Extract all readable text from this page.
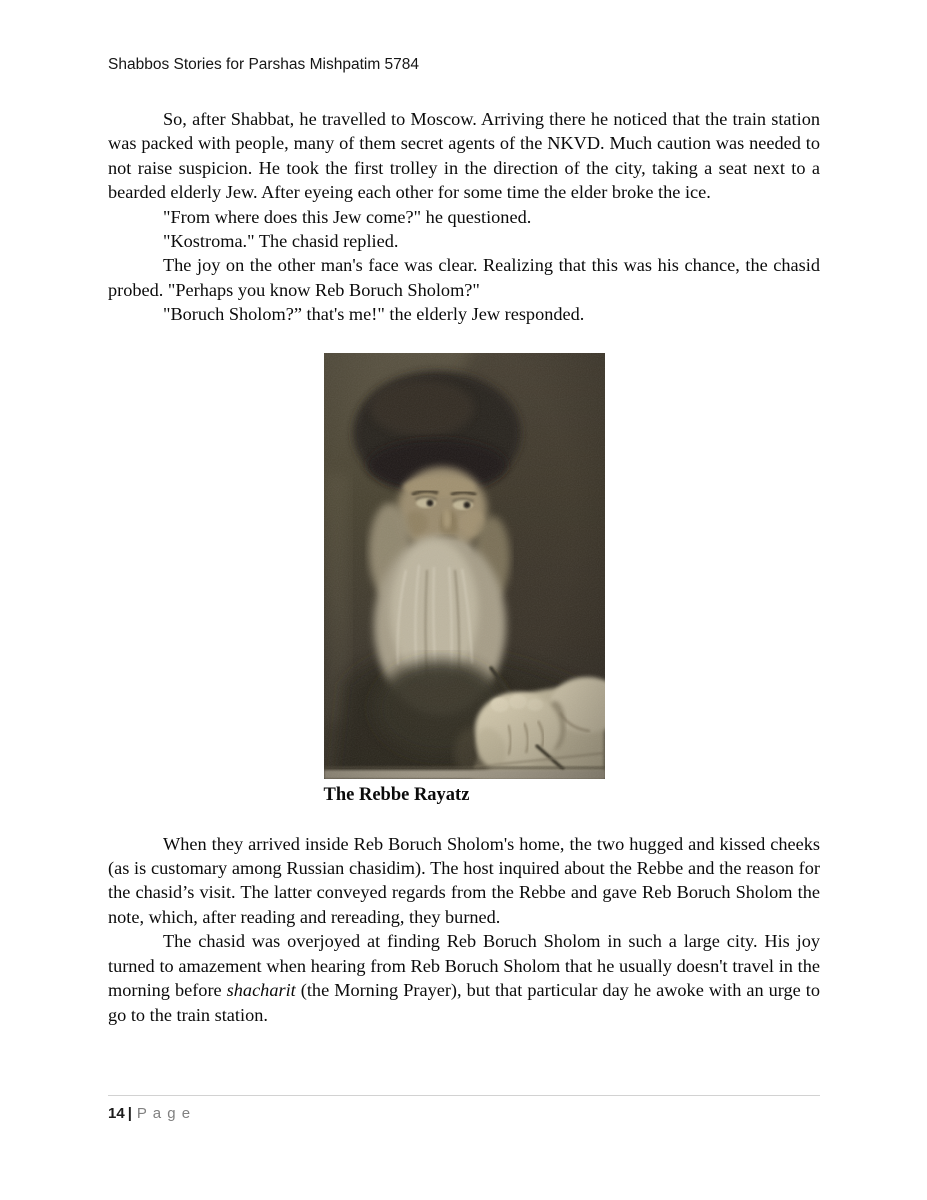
Shabbos Stories for Parshas Mishpatim 5784

So, after Shabbat, he travelled to Moscow. Arriving there he noticed that the train station was packed with people, many of them secret agents of the NKVD. Much caution was needed to not raise suspicion. He took the first trolley in the direction of the city, taking a seat next to a bearded elderly Jew. After eyeing each other for some time the elder broke the ice.

"From where does this Jew come?" he questioned.

"Kostroma." The chasid replied.

The joy on the other man's face was clear. Realizing that this was his chance, the chasid probed. "Perhaps you know Reb Boruch Sholom?"

"Boruch Sholom?” that's me!" the elderly Jew responded.

The Rebbe Rayatz

When they arrived inside Reb Boruch Sholom's home, the two hugged and kissed cheeks (as is customary among Russian chasidim). The host inquired about the Rebbe and the reason for the chasid’s visit. The latter conveyed regards from the Rebbe and gave Reb Boruch Sholom the note, which, after reading and rereading, they burned.

The chasid was overjoyed at finding Reb Boruch Sholom in such a large city. His joy turned to amazement when hearing from Reb Boruch Sholom that he usually doesn't travel in the morning before shacharit (the Morning Prayer), but that particular day he awoke with an urge to go to the train station.

14 | P a g e
